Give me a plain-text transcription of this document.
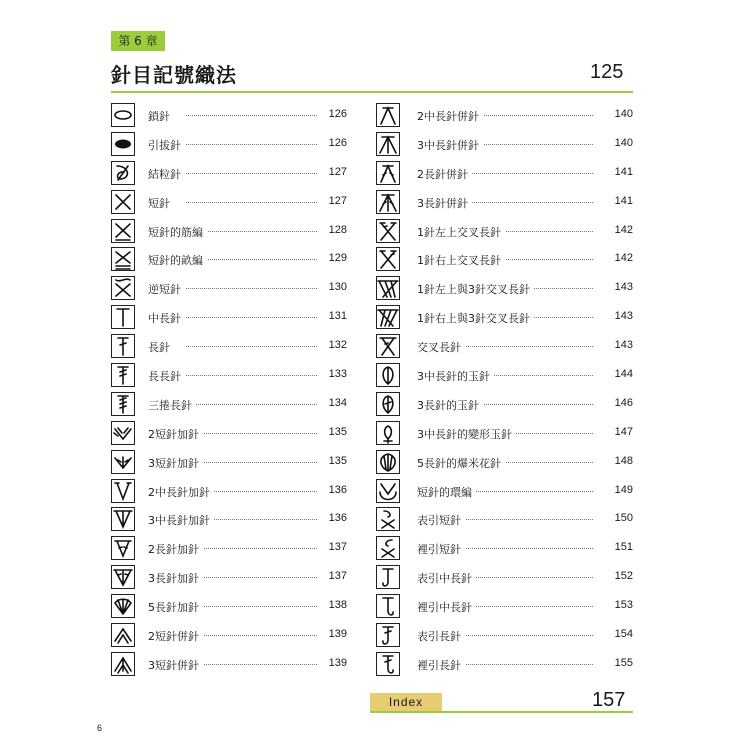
第 6 章
針目記號織法	125
鎖針	126
引拔針	126
結粒針	127
短針	127
短針的筋編	128
短針的畝編	129
逆短針	130
中長針	131
長針	132
長長針	133
三捲長針	134
2短針加針	135
3短針加針	135
2中長針加針	136
3中長針加針	136
2長針加針	137
3長針加針	137
5長針加針	138
2短針併針	139
3短針併針	139
2中長針併針	140
3中長針併針	140
2長針併針	141
3長針併針	141
1針左上交叉長針	142
1針右上交叉長針	142
1針左上與3針交叉長針	143
1針右上與3針交叉長針	143
交叉長針	143
3中長針的玉針	144
3長針的玉針	146
3中長針的變形玉針	147
5長針的爆米花針	148
短針的環編	149
表引短針	150
裡引短針	151
表引中長針	152
裡引中長針	153
表引長針	154
裡引長針	155
Index	157
6
